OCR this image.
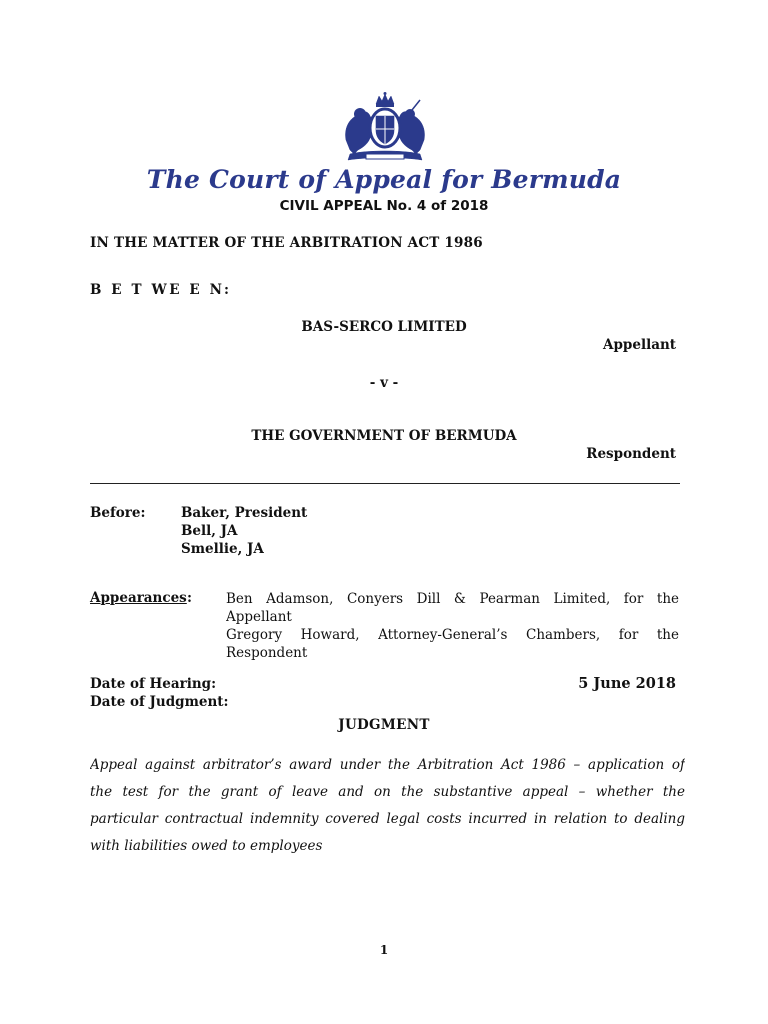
The Court of Appeal for Bermuda
CIVIL APPEAL No. 4 of 2018
IN THE MATTER OF THE ARBITRATION ACT 1986
B E T WE E N:
BAS-SERCO LIMITED
Appellant
- v -
THE GOVERNMENT OF BERMUDA
Respondent
Before:	Baker, President
Bell, JA
Smellie, JA
Appearances :	Ben Adamson, Conyers Dill & Pearman Limited, for the
Appellant
Gregory Howard, Attorney-General’s Chambers, for the
Respondent
Date of Hearing:	5 June 2018
Date of Judgment:
JUDGMENT
Appeal against arbitrator’s award under the Arbitration Act 1986 – application of
the test for the grant of leave and on the substantive appeal – whether the
particular contractual indemnity covered legal costs incurred in relation to dealing
with liabilities owed to employees
1
